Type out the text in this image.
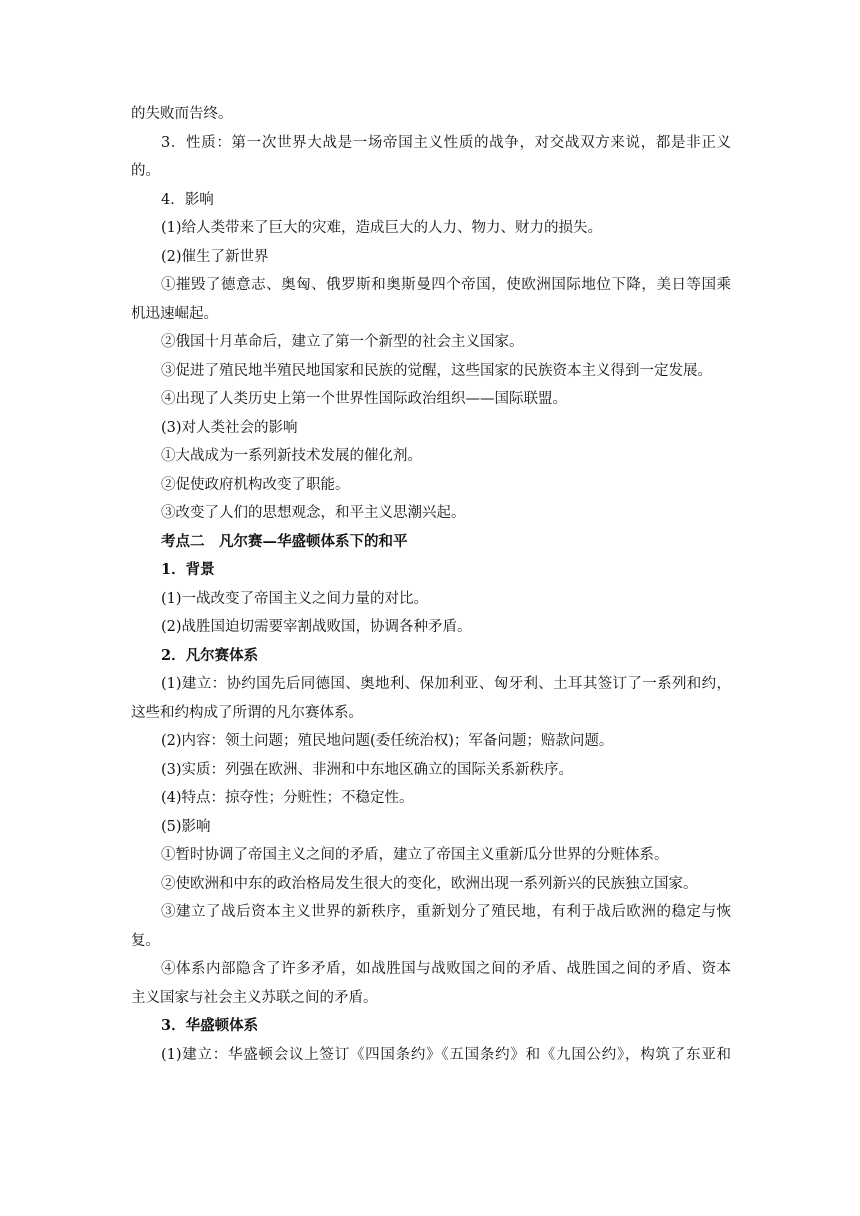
的失败而告终。
3．性质：第一次世界大战是一场帝国主义性质的战争，对交战双方来说，都是非正义
的。
4．影响
(1)给人类带来了巨大的灾难，造成巨大的人力、物力、财力的损失。
(2)催生了新世界
①摧毁了德意志、奥匈、俄罗斯和奥斯曼四个帝国，使欧洲国际地位下降，美日等国乘
机迅速崛起。
②俄国十月革命后，建立了第一个新型的社会主义国家。
③促进了殖民地半殖民地国家和民族的觉醒，这些国家的民族资本主义得到一定发展。
④出现了人类历史上第一个世界性国际政治组织——国际联盟。
(3)对人类社会的影响
①大战成为一系列新技术发展的催化剂。
②促使政府机构改变了职能。
③改变了人们的思想观念，和平主义思潮兴起。
考点二　凡尔赛—华盛顿体系下的和平
1．背景
(1)一战改变了帝国主义之间力量的对比。
(2)战胜国迫切需要宰割战败国，协调各种矛盾。
2．凡尔赛体系
(1)建立：协约国先后同德国、奥地利、保加利亚、匈牙利、土耳其签订了一系列和约，
这些和约构成了所谓的凡尔赛体系。
(2)内容：领土问题；殖民地问题(委任统治权)；军备问题；赔款问题。
(3)实质：列强在欧洲、非洲和中东地区确立的国际关系新秩序。
(4)特点：掠夺性；分赃性；不稳定性。
(5)影响
①暂时协调了帝国主义之间的矛盾，建立了帝国主义重新瓜分世界的分赃体系。
②使欧洲和中东的政治格局发生很大的变化，欧洲出现一系列新兴的民族独立国家。
③建立了战后资本主义世界的新秩序，重新划分了殖民地，有利于战后欧洲的稳定与恢
复。
④体系内部隐含了许多矛盾，如战胜国与战败国之间的矛盾、战胜国之间的矛盾、资本
主义国家与社会主义苏联之间的矛盾。
3．华盛顿体系
(1)建立：华盛顿会议上签订《四国条约》《五国条约》和《九国公约》，构筑了东亚和
